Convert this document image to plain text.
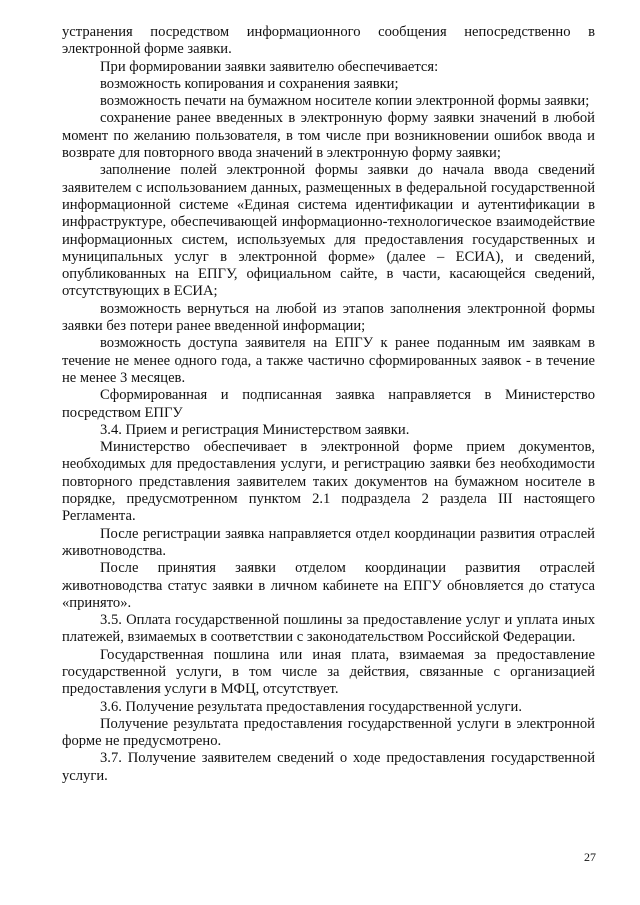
устранения посредством информационного сообщения непосредственно в электронной форме заявки.

При формировании заявки заявителю обеспечивается:

возможность копирования и сохранения заявки;

возможность печати на бумажном носителе копии электронной формы заявки;

сохранение ранее введенных в электронную форму заявки значений в любой момент по желанию пользователя, в том числе при возникновении ошибок ввода и возврате для повторного ввода значений в электронную форму заявки;

заполнение полей электронной формы заявки до начала ввода сведений заявителем с использованием данных, размещенных в федеральной государственной информационной системе «Единая система идентификации и аутентификации в инфраструктуре, обеспечивающей информационно-технологическое взаимодействие информационных систем, используемых для предоставления государственных и муниципальных услуг в электронной форме» (далее – ЕСИА), и сведений, опубликованных на ЕПГУ, официальном сайте, в части, касающейся сведений, отсутствующих в ЕСИА;

возможность вернуться на любой из этапов заполнения электронной формы заявки без потери ранее введенной информации;

возможность доступа заявителя на ЕПГУ к ранее поданным им заявкам в течение не менее одного года, а также частично сформированных заявок - в течение не менее 3 месяцев.

Сформированная и подписанная заявка направляется в Министерство посредством ЕПГУ

3.4. Прием и регистрация Министерством заявки.

Министерство обеспечивает в электронной форме прием документов, необходимых для предоставления услуги, и регистрацию заявки без необходимости повторного представления заявителем таких документов на бумажном носителе в порядке, предусмотренном пунктом 2.1 подраздела 2 раздела III настоящего Регламента.

После регистрации заявка направляется отдел координации развития отраслей животноводства.

После принятия заявки отделом координации развития отраслей животноводства статус заявки в личном кабинете на ЕПГУ обновляется до статуса «принято».

3.5. Оплата государственной пошлины за предоставление услуг и уплата иных платежей, взимаемых в соответствии с законодательством Российской Федерации.

Государственная пошлина или иная плата, взимаемая за предоставление государственной услуги, в том числе за действия, связанные с организацией предоставления услуги в МФЦ, отсутствует.

3.6. Получение результата предоставления государственной услуги.

Получение результата предоставления государственной услуги в электронной форме не предусмотрено.

3.7. Получение заявителем сведений о ходе предоставления государственной услуги.

27
